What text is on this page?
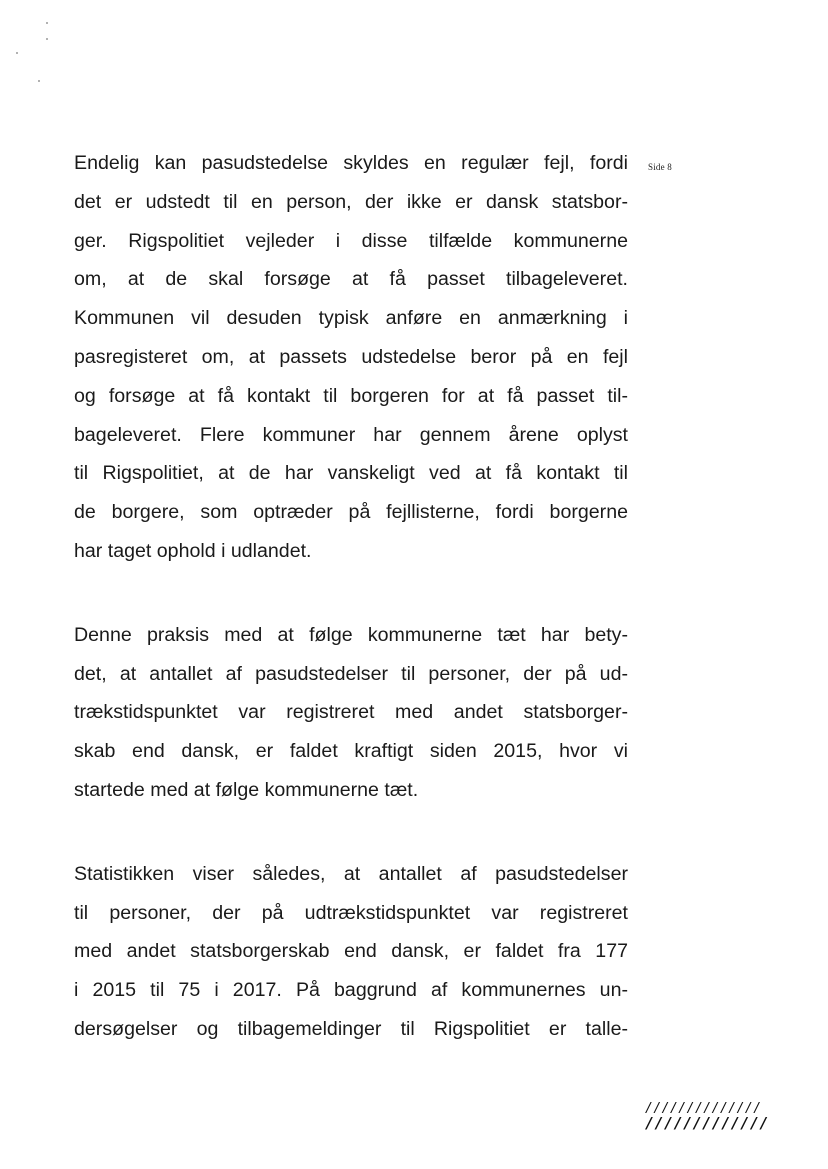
Side 8

Endelig kan pasudstedelse skyldes en regulær fejl, fordi
det er udstedt til en person, der ikke er dansk statsbor-
ger. Rigspolitiet vejleder i disse tilfælde kommunerne
om, at de skal forsøge at få passet tilbageleveret.
Kommunen vil desuden typisk anføre en anmærkning i
pasregisteret om, at passets udstedelse beror på en fejl
og forsøge at få kontakt til borgeren for at få passet til-
bageleveret. Flere kommuner har gennem årene oplyst
til Rigspolitiet, at de har vanskeligt ved at få kontakt til
de borgere, som optræder på fejllisterne, fordi borgerne
har taget ophold i udlandet.

Denne praksis med at følge kommunerne tæt har bety-
det, at antallet af pasudstedelser til personer, der på ud-
trækstidspunktet var registreret med andet statsborger-
skab end dansk, er faldet kraftigt siden 2015, hvor vi
startede med at følge kommunerne tæt.

Statistikken viser således, at antallet af pasudstedelser
til personer, der på udtrækstidspunktet var registreret
med andet statsborgerskab end dansk, er faldet fra 177
i 2015 til 75 i 2017. På baggrund af kommunernes un-
dersøgelser og tilbagemeldinger til Rigspolitiet er talle-

//////////////
/////////////
